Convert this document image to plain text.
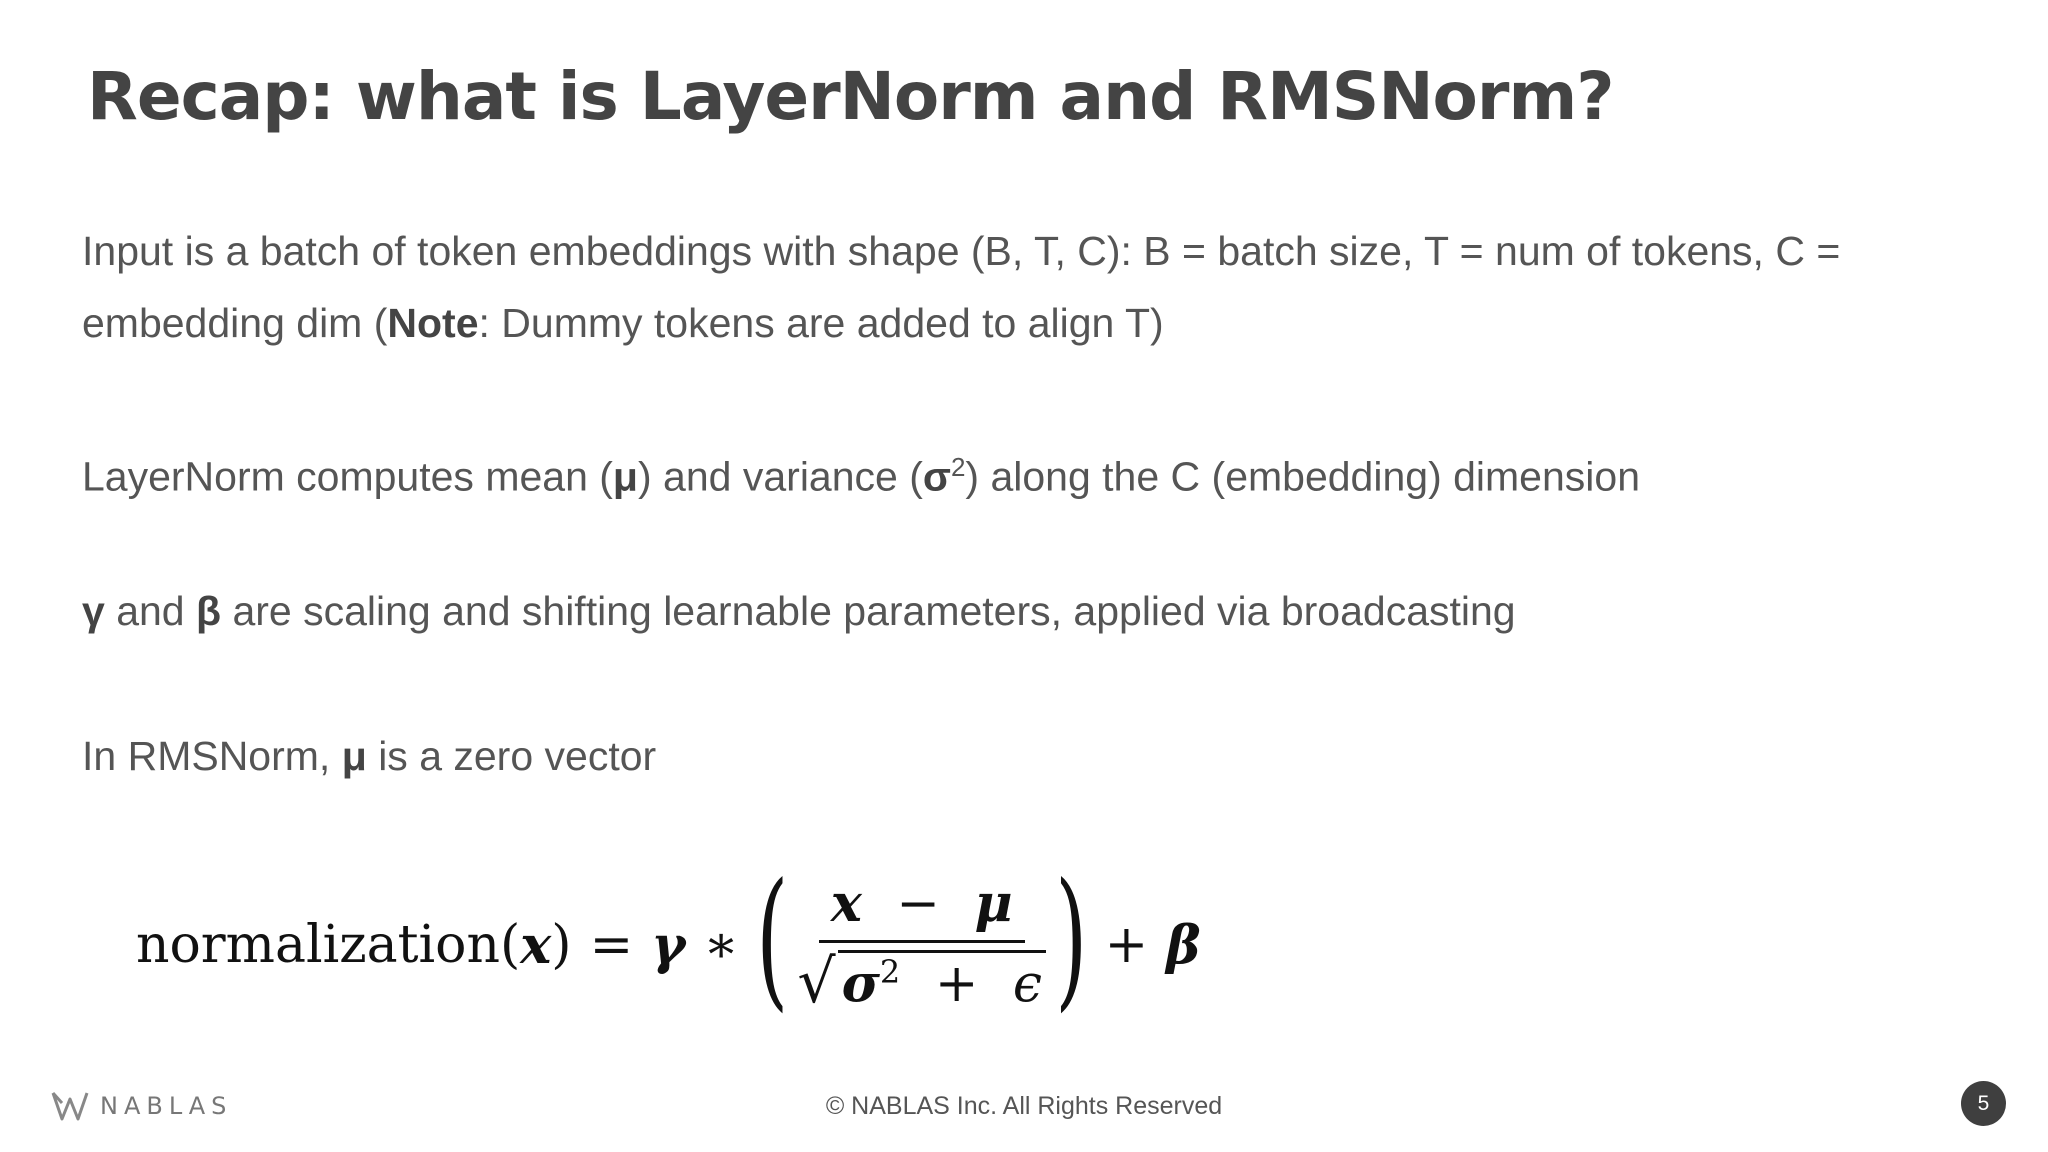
Recap: what is LayerNorm and RMSNorm?

Input is a batch of token embeddings with shape (B, T, C): B = batch size, T = num of tokens, C = embedding dim (Note: Dummy tokens are added to align T)

LayerNorm computes mean (μ) and variance $(\sigma^2)$ along the C (embedding) dimension

γ and β are scaling and shifting learnable parameters, applied via broadcasting

In RMSNorm, μ is a zero vector

normalization ( x ) = γ ∗ ( $\frac{x - \mu}{√ \sigma^2 + \epsilon}$ ) + β
NABLAS	© NABLAS Inc. All Rights Reserved	5
